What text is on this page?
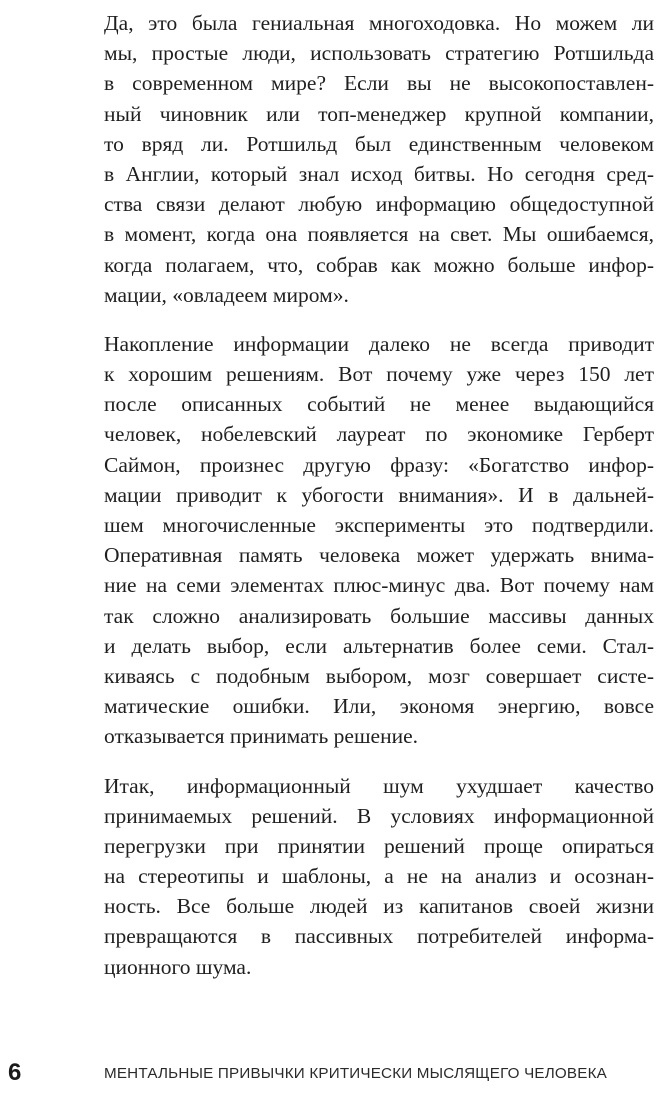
Да, это была гениальная многоходовка. Но можем ли
мы, простые люди, использовать стратегию Ротшильда
в современном мире? Если вы не высокопоставлен-
ный чиновник или топ-менеджер крупной компании,
то вряд ли. Ротшильд был единственным человеком
в Англии, который знал исход битвы. Но сегодня сред-
ства связи делают любую информацию общедоступной
в момент, когда она появляется на свет. Мы ошибаемся,
когда полагаем, что, собрав как можно больше инфор-
мации, «овладеем миром».
Накопление информации далеко не всегда приводит
к хорошим решениям. Вот почему уже через 150 лет
после описанных событий не менее выдающийся
человек, нобелевский лауреат по экономике Герберт
Саймон, произнес другую фразу: «Богатство инфор-
мации приводит к убогости внимания». И в дальней-
шем многочисленные эксперименты это подтвердили.
Оперативная память человека может удержать внима-
ние на семи элементах плюс-минус два. Вот почему нам
так сложно анализировать большие массивы данных
и делать выбор, если альтернатив более семи. Стал-
киваясь с подобным выбором, мозг совершает систе-
матические ошибки. Или, экономя энергию, вовсе
отказывается принимать решение.
Итак, информационный шум ухудшает качество
принимаемых решений. В условиях информационной
перегрузки при принятии решений проще опираться
на стереотипы и шаблоны, а не на анализ и осознан-
ность. Все больше людей из капитанов своей жизни
превращаются в пассивных потребителей информа-
ционного шума.
6	МЕНТАЛЬНЫЕ ПРИВЫЧКИ КРИТИЧЕСКИ МЫСЛЯЩЕГО ЧЕЛОВЕКА
